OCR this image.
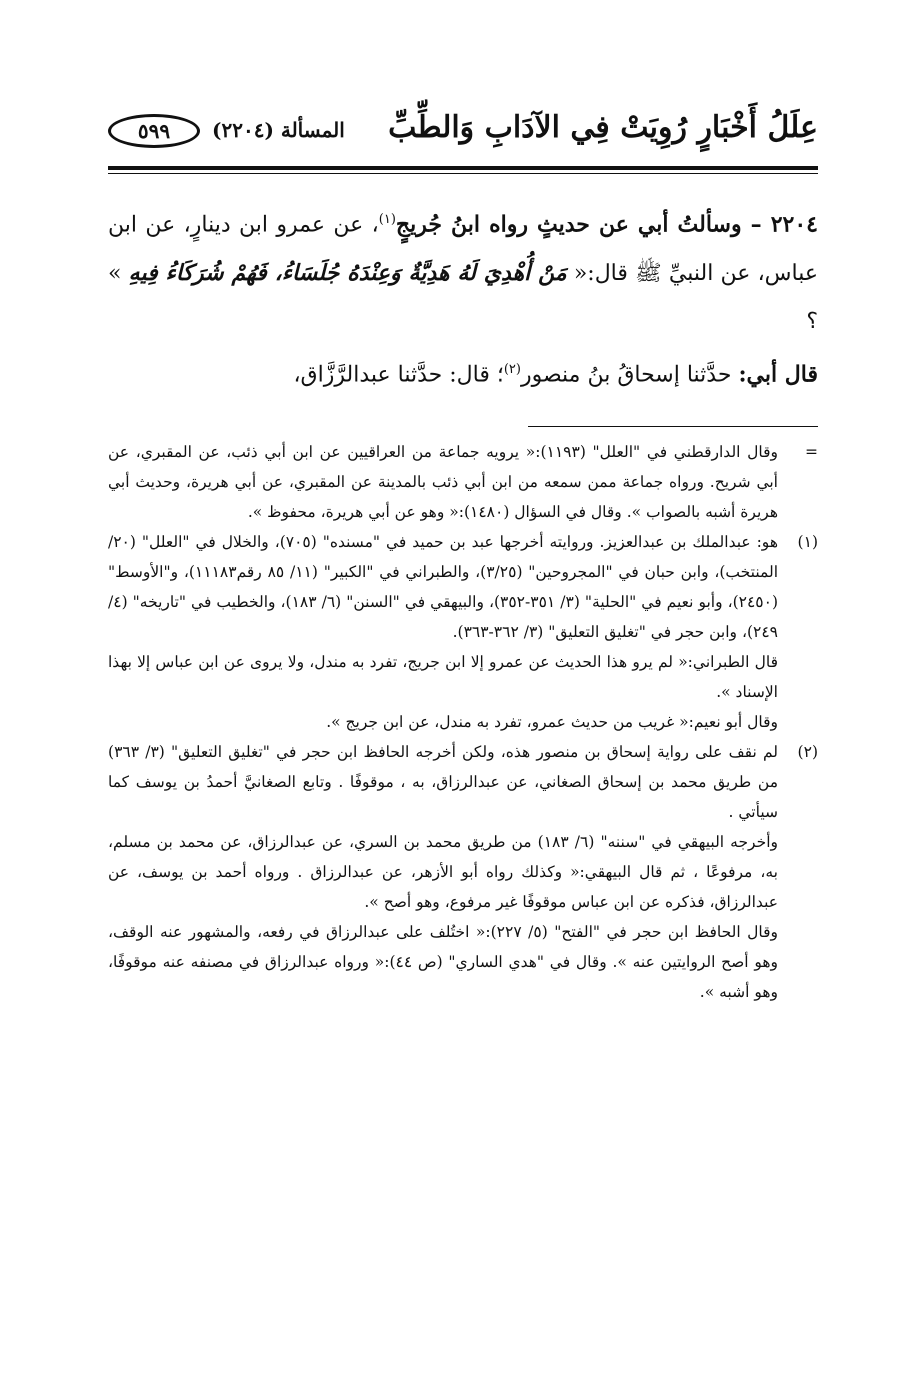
عِلَلُ أَخْبَارٍ رُوِيَتْ فِي الآدَابِ وَالطِّبِّ
المسألة (٢٢٠٤)
٥٩٩

٢٢٠٤ – وسألتُ أبي عن حديثٍ رواه ابنُ جُريجٍ$^{(١)}$، عن عمرو ابن دينارٍ، عن ابن عباس، عن النبيِّ ﷺ قال:« مَنْ أُهْدِيَ لَهُ هَدِيَّةٌ وَعِنْدَهُ جُلَسَاءُ، فَهُمْ شُرَكَاءُ فِيهِ » ؟

قال أبي: حدَّثنا إسحاقُ بنُ منصور$^{(٢)}$؛ قال: حدَّثنا عبدالرَّزَّاق،

=

وقال الدارقطني في "العلل" (١١٩٣):« يرويه جماعة من العراقيين عن ابن أبي ذئب، عن المقبري، عن أبي شريح. ورواه جماعة ممن سمعه من ابن أبي ذئب بالمدينة عن المقبري، عن أبي هريرة، وحديث أبي هريرة أشبه بالصواب ». وقال في السؤال (١٤٨٠):« وهو عن أبي هريرة، محفوظ ».

(١)

هو: عبدالملك بن عبدالعزيز. وروايته أخرجها عبد بن حميد في "مسنده" (٧٠٥)، والخلال في "العلل" (٢٠/المنتخب)، وابن حبان في "المجروحين" (٣/٢٥)، والطبراني في "الكبير" (١١/ ٨٥ رقم١١١٨٣)، و"الأوسط" (٢٤٥٠)، وأبو نعيم في "الحلية" (٣/ ٣٥١-٣٥٢)، والبيهقي في "السنن" (٦/ ١٨٣)، والخطيب في "تاريخه" (٤/ ٢٤٩)، وابن حجر في "تغليق التعليق" (٣/ ٣٦٢-٣٦٣).

قال الطبراني:« لم يرو هذا الحديث عن عمرو إلا ابن جريج، تفرد به مندل، ولا يروى عن ابن عباس إلا بهذا الإسناد ».

وقال أبو نعيم:« غريب من حديث عمرو، تفرد به مندل، عن ابن جريج ».

(٢)

لم نقف على رواية إسحاق بن منصور هذه، ولكن أخرجه الحافظ ابن حجر في "تغليق التعليق" (٣/ ٣٦٣) من طريق محمد بن إسحاق الصغاني، عن عبدالرزاق، به ، موقوفًا . وتابع الصغانيَّ أحمدُ بن يوسف كما سيأتي .

وأخرجه البيهقي في "سننه" (٦/ ١٨٣) من طريق محمد بن السري، عن عبدالرزاق، عن محمد بن مسلم، به، مرفوعًا ، ثم قال البيهقي:« وكذلك رواه أبو الأزهر، عن عبدالرزاق . ورواه أحمد بن يوسف، عن عبدالرزاق، فذكره عن ابن عباس موقوفًا غير مرفوع، وهو أصح ».

وقال الحافظ ابن حجر في "الفتح" (٥/ ٢٢٧):« اختُلف على عبدالرزاق في رفعه، والمشهور عنه الوقف، وهو أصح الروايتين عنه ». وقال في "هدي الساري" (ص ٤٤):« ورواه عبدالرزاق في مصنفه عنه موقوفًا، وهو أشبه ».
